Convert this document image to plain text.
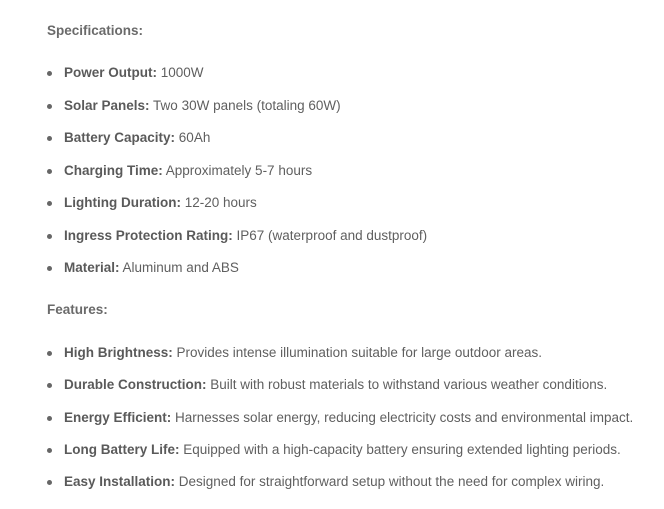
Specifications:

Power Output: 1000W
Solar Panels: Two 30W panels (totaling 60W)
Battery Capacity: 60Ah
Charging Time: Approximately 5-7 hours
Lighting Duration: 12-20 hours
Ingress Protection Rating: IP67 (waterproof and dustproof)
Material: Aluminum and ABS

Features:

High Brightness: Provides intense illumination suitable for large outdoor areas.
Durable Construction: Built with robust materials to withstand various weather conditions.
Energy Efficient: Harnesses solar energy, reducing electricity costs and environmental impact.
Long Battery Life: Equipped with a high-capacity battery ensuring extended lighting periods.
Easy Installation: Designed for straightforward setup without the need for complex wiring.
